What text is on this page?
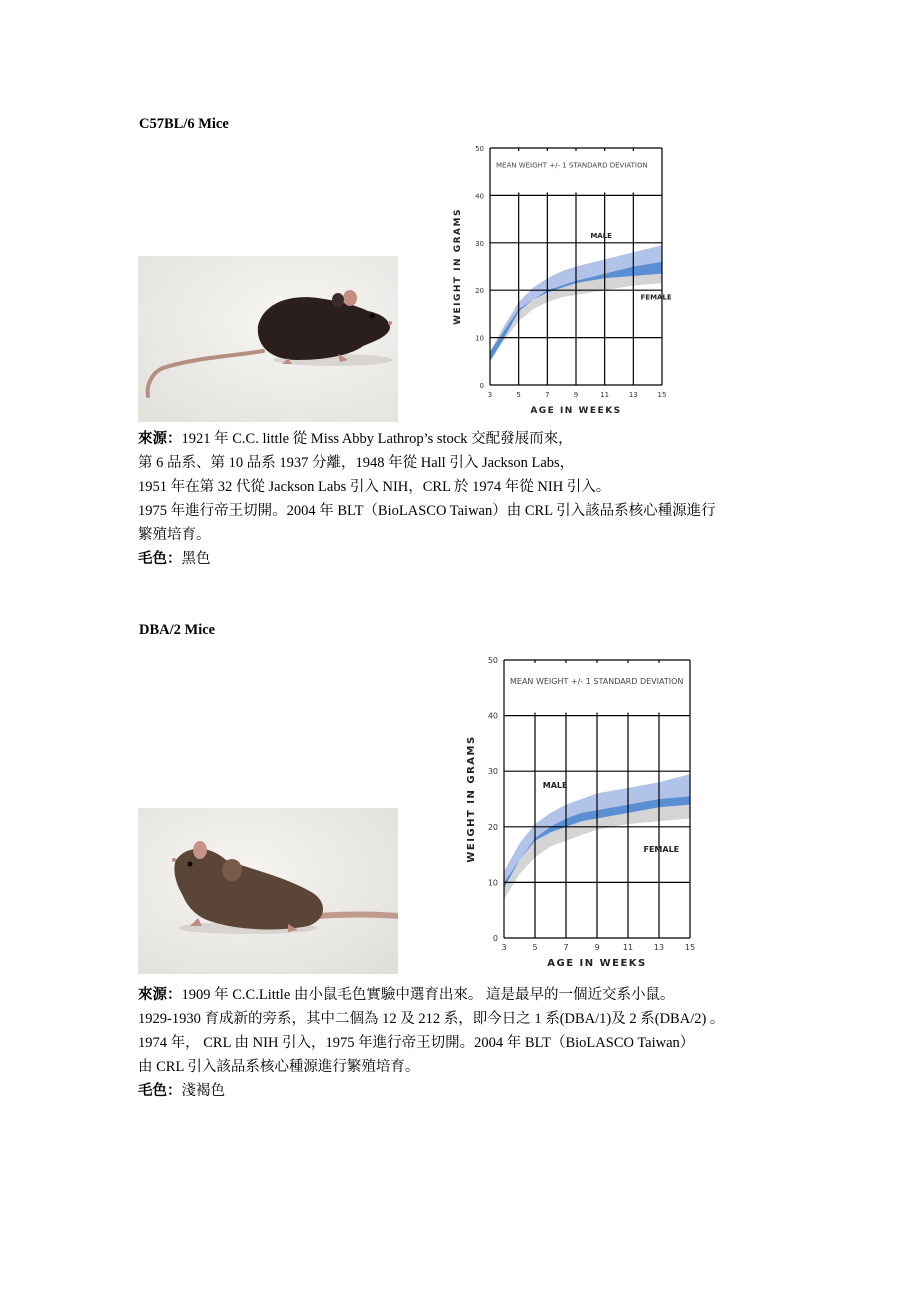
C57BL/6 Mice
MEAN WEIGHT +/- 1 STANDARD DEVIATION
3	5	7	9	11	13	15
0
10
20
30
40
50
AGE IN WEEKS
WEIGHT IN GRAMS	MALE
FEMALE

來源：1921 年 C.C. little 從 Miss Abby Lathrop’s stock 交配發展而來，

第 6 品系、第 10 品系 1937 分離，1948 年從 Hall 引入 Jackson Labs，

1951 年在第 32 代從 Jackson Labs 引入 NIH，CRL 於 1974 年從 NIH 引入。

1975 年進行帝王切開。2004 年 BLT（BioLASCO Taiwan）由 CRL 引入該品系核心種源進行

繁殖培育。

毛色：黑色

DBA/2 Mice
MEAN WEIGHT +/- 1 STANDARD DEVIATION
3	5	7	9	11	13	15
0
10
20
30
40
50
AGE IN WEEKS
WEIGHT IN GRAMS	MALE
FEMALE

來源：1909 年 C.C.Little 由小鼠毛色實驗中選育出來。 這是最早的一個近交系小鼠。

1929-1930 育成新的旁系，其中二個為 12 及 212 系，即今日之 1 系(DBA/1)及 2 系(DBA/2) 。

1974 年， CRL 由 NIH 引入，1975 年進行帝王切開。2004 年 BLT（BioLASCO Taiwan）

由 CRL 引入該品系核心種源進行繁殖培育。

毛色：淺褐色
